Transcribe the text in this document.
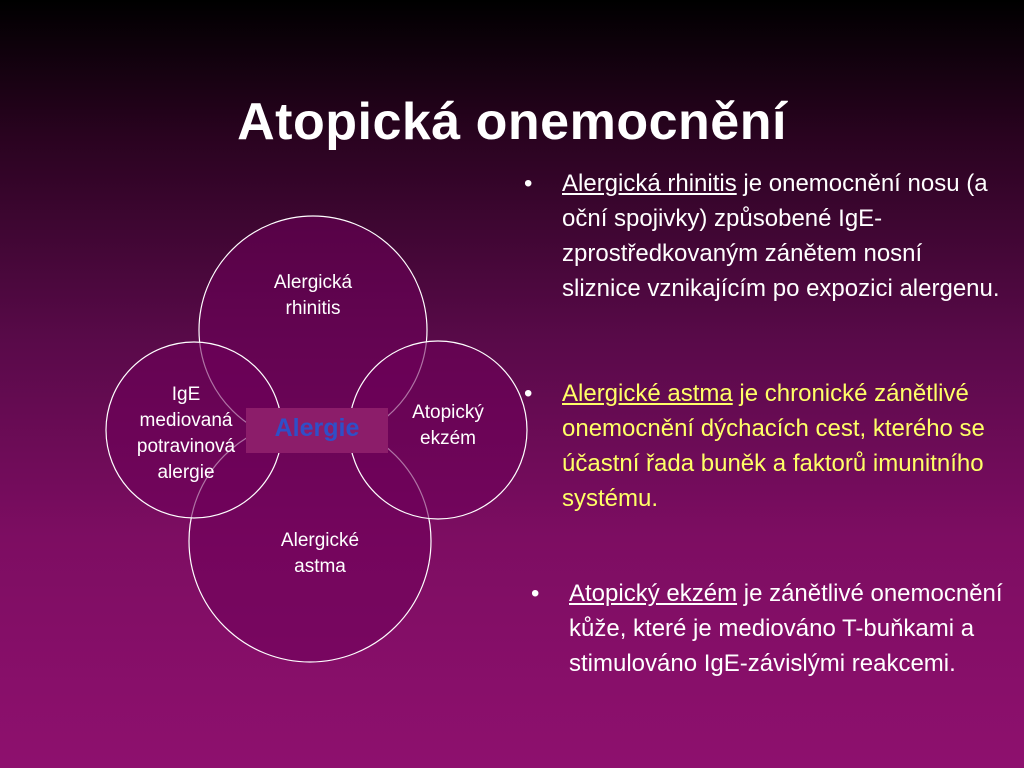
Atopická onemocnění
Alergická
rhinitis
IgE
mediovaná
potravinová
alergie
Atopický
ekzém
Alergické
astma
Alergie
• Alergická rhinitis je onemocnění nosu (a oční spojivky) způsobené IgE-zprostředkovaným zánětem nosní sliznice vznikajícím po expozici alergenu.
• Alergické astma je chronické zánětlivé onemocnění dýchacích cest, kterého se účastní řada buněk a faktorů imunitního systému.
• Atopický ekzém je zánětlivé onemocnění kůže, které je mediováno T-buňkami a stimulováno IgE-závislými reakcemi.
